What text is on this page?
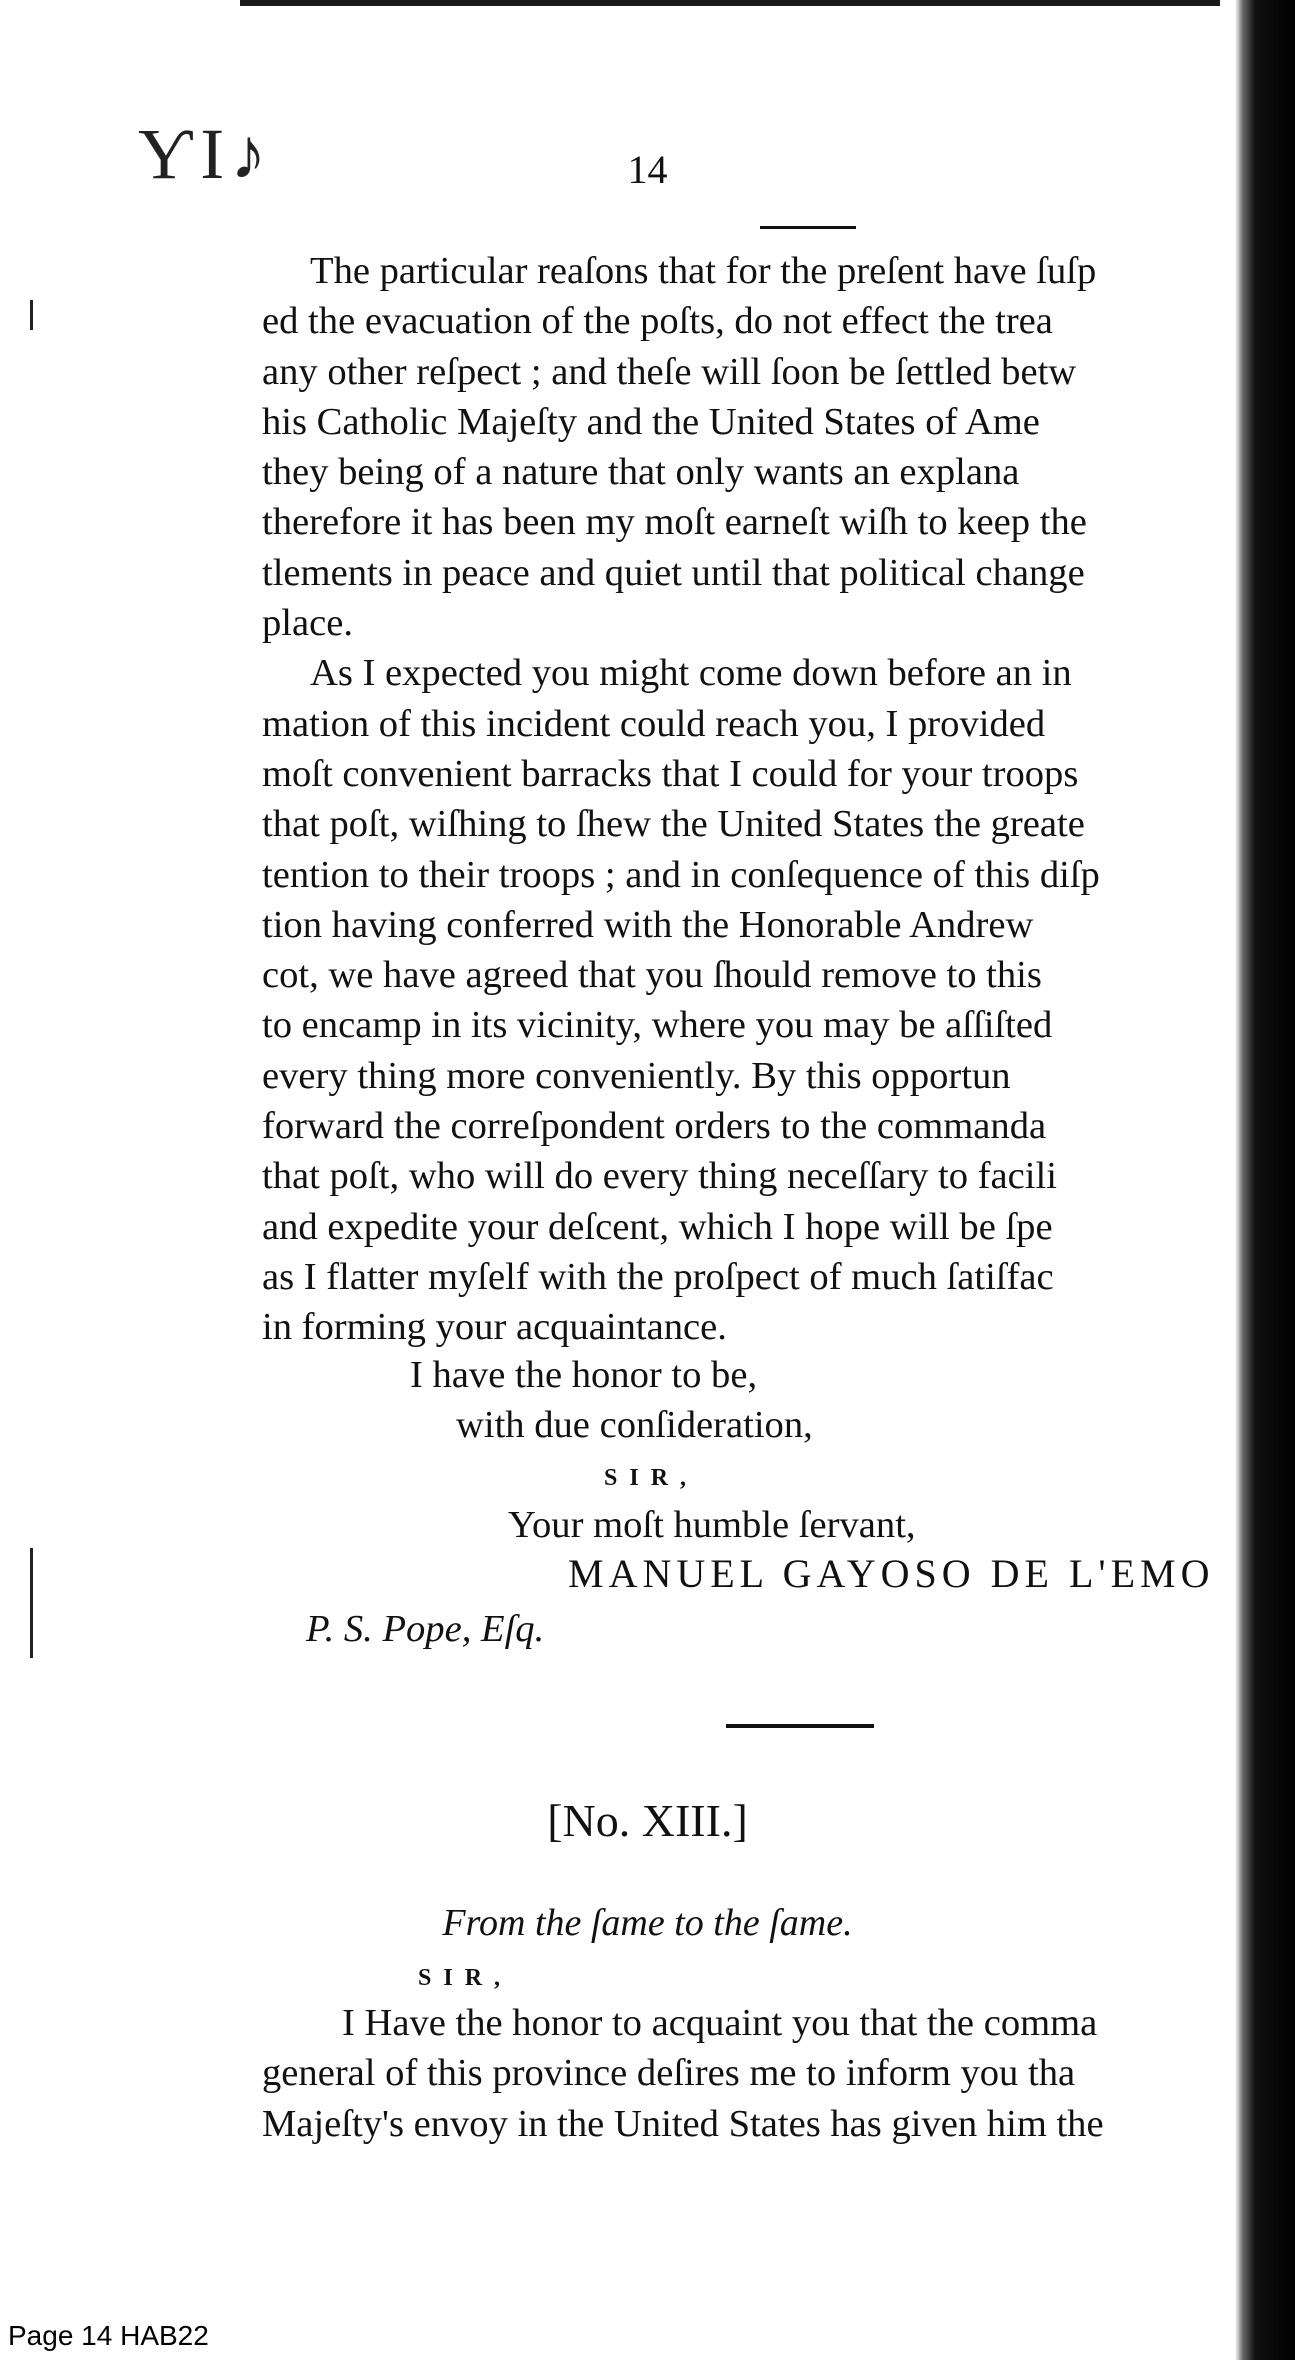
ƳI♪	14
The particular reaſons that for the preſent have ſuſp
ed the evacuation of the poſts, do not effect the trea
any other reſpect ; and theſe will ſoon be ſettled betw
his Catholic Majeſty and the United States of Ame
they being of a nature that only wants an explana
therefore it has been my moſt earneſt wiſh to keep the
tlements in peace and quiet until that political change
place.
As I expected you might come down before an in
mation of this incident could reach you, I provided
moſt convenient barracks that I could for your troops
that poſt, wiſhing to ſhew the United States the greate
tention to their troops ; and in conſequence of this diſp
tion having conferred with the Honorable Andrew
cot, we have agreed that you ſhould remove to this
to encamp in its vicinity, where you may be aſſiſted
every thing more conveniently. By this opportun
forward the correſpondent orders to the commanda
that poſt, who will do every thing neceſſary to facili
and expedite your deſcent, which I hope will be ſpe
as I flatter myſelf with the proſpect of much ſatiſfac
in forming your acquaintance.
I have the honor to be,
with due conſideration,
SIR,
Your moſt humble ſervant,
MANUEL GAYOSO DE L'EMO
P. S. Pope, Eſq.
[No. XIII.]
From the ſame to the ſame.
SIR,
I Have the honor to acquaint you that the comma
general of this province deſires me to inform you tha
Majeſty's envoy in the United States has given him the
Page 14 HAB22
